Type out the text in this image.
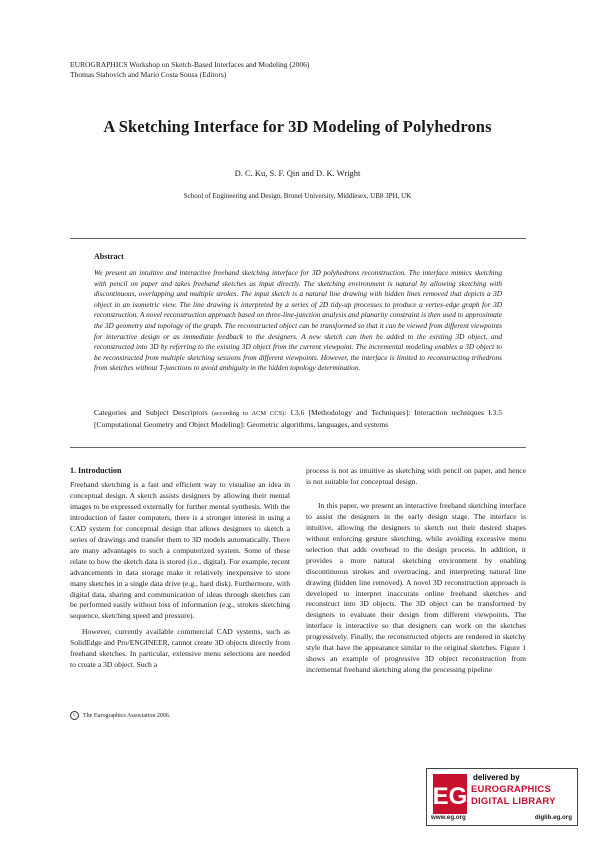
EUROGRAPHICS Workshop on Sketch-Based Interfaces and Modeling (2006)
Thomas Stahovich and Mario Costa Sousa (Editors)
A Sketching Interface for 3D Modeling of Polyhedrons
D. C. Ku, S. F. Qin and D. K. Wright
School of Engineering and Design, Brunel University, Middlesex, UB8 3PH, UK
Abstract
We present an intuitive and interactive freehand sketching interface for 3D polyhedrons reconstruction. The interface mimics sketching with pencil on paper and takes freehand sketches as input directly. The sketching environment is natural by allowing sketching with discontinuous, overlapping and multiple strokes. The input sketch is a natural line drawing with hidden lines removed that depicts a 3D object in an isometric view. The line drawing is interpreted by a series of 2D tidy-up processes to produce a vertex-edge graph for 3D reconstruction. A novel reconstruction approach based on three-line-junction analysis and planarity constraint is then used to approximate the 3D geometry and topology of the graph. The reconstructed object can be transformed so that it can be viewed from different viewpoints for interactive design or as immediate feedback to the designers. A new sketch can then be added to the existing 3D object, and reconstructed into 3D by referring to the existing 3D object from the current viewpoint. The incremental modeling enables a 3D object to be reconstructed from multiple sketching sessions from different viewpoints. However, the interface is limited to reconstructing trihedrons from sketches without T-junctions to avoid ambiguity in the hidden topology determination.
Categories and Subject Descriptors (according to ACM CCS): I.3.6 [Methodology and Techniques]: Interaction techniques I.3.5 [Computational Geometry and Object Modeling]: Geometric algorithms, languages, and systems
1. Introduction

Freehand sketching is a fast and efficient way to visualise an idea in conceptual design. A sketch assists designers by allowing their mental images to be expressed externally for further mental synthesis. With the introduction of faster computers, there is a stronger interest in using a CAD system for conceptual design that allows designers to sketch a series of drawings and transfer them to 3D models automatically. There are many advantages to such a computerized system. Some of these relate to how the sketch data is stored (i.e., digital). For example, recent advancements in data storage make it relatively inexpensive to store many sketches in a single data drive (e.g., hard disk). Furthermore, with digital data, sharing and communication of ideas through sketches can be performed easily without loss of information (e.g., strokes sketching sequence, sketching speed and pressure).

However, currently available commercial CAD systems, such as SolidEdge and Pro/ENGINEER, cannot create 3D objects directly from freehand sketches. In particular, extensive menu selections are needed to create a 3D object. Such a

process is not as intuitive as sketching with pencil on paper, and hence is not suitable for conceptual design.

In this paper, we present an interactive freehand sketching interface to assist the designers in the early design stage. The interface is intuitive, allowing the designers to sketch out their desired shapes without enforcing gesture sketching, while avoiding excessive menu selection that adds overhead to the design process. In addition, it provides a more natural sketching environment by enabling discontinuous strokes and overtracing, and interpreting natural line drawing (hidden line removed). A novel 3D reconstruction approach is developed to interpret inaccurate online freehand sketches and reconstruct into 3D objects. The 3D object can be transformed by designers to evaluate their design from different viewpoints. The interface is interactive so that designers can work on the sketches progressively. Finally, the reconstructed objects are rendered in sketchy style that have the appearance similar to the original sketches. Figure 1 shows an example of progressive 3D object reconstruction from incremental freehand sketching along the processing pipeline

c	The Eurographics Association 2006.
delivered by
EG EUROGRAPHICS
DIGITAL LIBRARY
www.eg.org	diglib.eg.org
